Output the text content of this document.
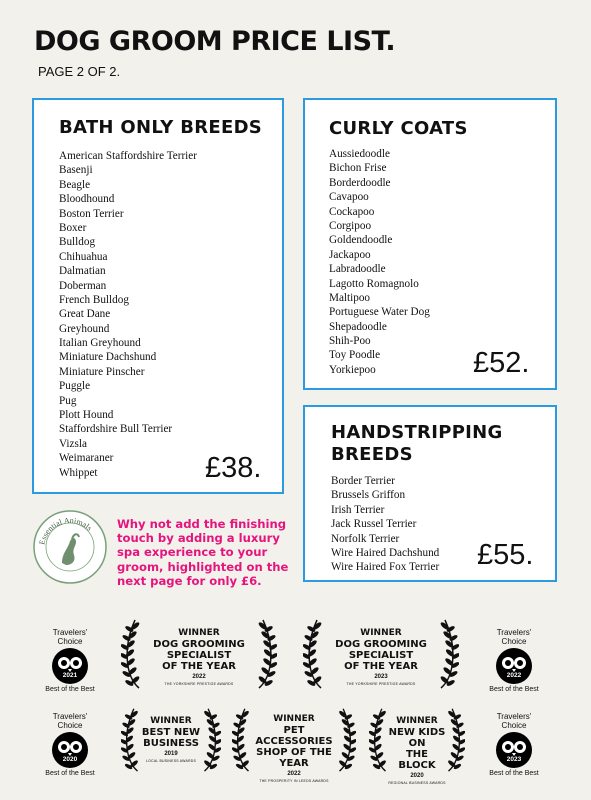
DOG GROOM PRICE LIST.
PAGE 2 OF 2.
BATH ONLY BREEDS
American Staffordshire Terrier
Basenji
Beagle
Bloodhound
Boston Terrier
Boxer
Bulldog
Chihuahua
Dalmatian
Doberman
French Bulldog
Great Dane
Greyhound
Italian Greyhound
Miniature Dachshund
Miniature Pinscher
Puggle
Pug
Plott Hound
Staffordshire Bull Terrier
Vizsla
Weimaraner
Whippet	£38.
CURLY COATS
Aussiedoodle
Bichon Frise
Borderdoodle
Cavapoo
Cockapoo
Corgipoo
Goldendoodle
Jackapoo
Labradoodle
Lagotto Romagnolo
Maltipoo
Portuguese Water Dog
Shepadoodle
Shih-Poo
Toy Poodle
Yorkiepoo	£52.
HANDSTRIPPING BREEDS
Border Terrier
Brussels Griffon
Irish Terrier
Jack Russel Terrier
Norfolk Terrier
Wire Haired Dachshund
Wire Haired Fox Terrier £55.
Essential Animals Why not add the finishing touch by adding a luxury spa experience to your groom, highlighted on the next page for only £6.
WINNER
DOG GROOMING SPECIALIST
OF THE YEAR
2022
THE YORKSHIRE PRESTIGE AWARDS
WINNER
DOG GROOMING SPECIALIST
OF THE YEAR
2023
THE YORKSHIRE PRESTIGE AWARDS
WINNER
BEST NEW
BUSINESS
2019
LOCAL BUSINESS AWARDS
WINNER
PET ACCESSORIES
SHOP OF THE YEAR
2022
THE PROSPERITY IN LEEDS AWARDS
WINNER
NEW KIDS ON
THE BLOCK
2020
REGIONAL BUSINESS AWARDS
Travelers'
Choice
2022
Best of the Best
Travelers'
Choice
2023
Best of the Best
Travelers'
Choice
2020
Best of the Best
Travelers'
Choice
2021
Best of the Best
